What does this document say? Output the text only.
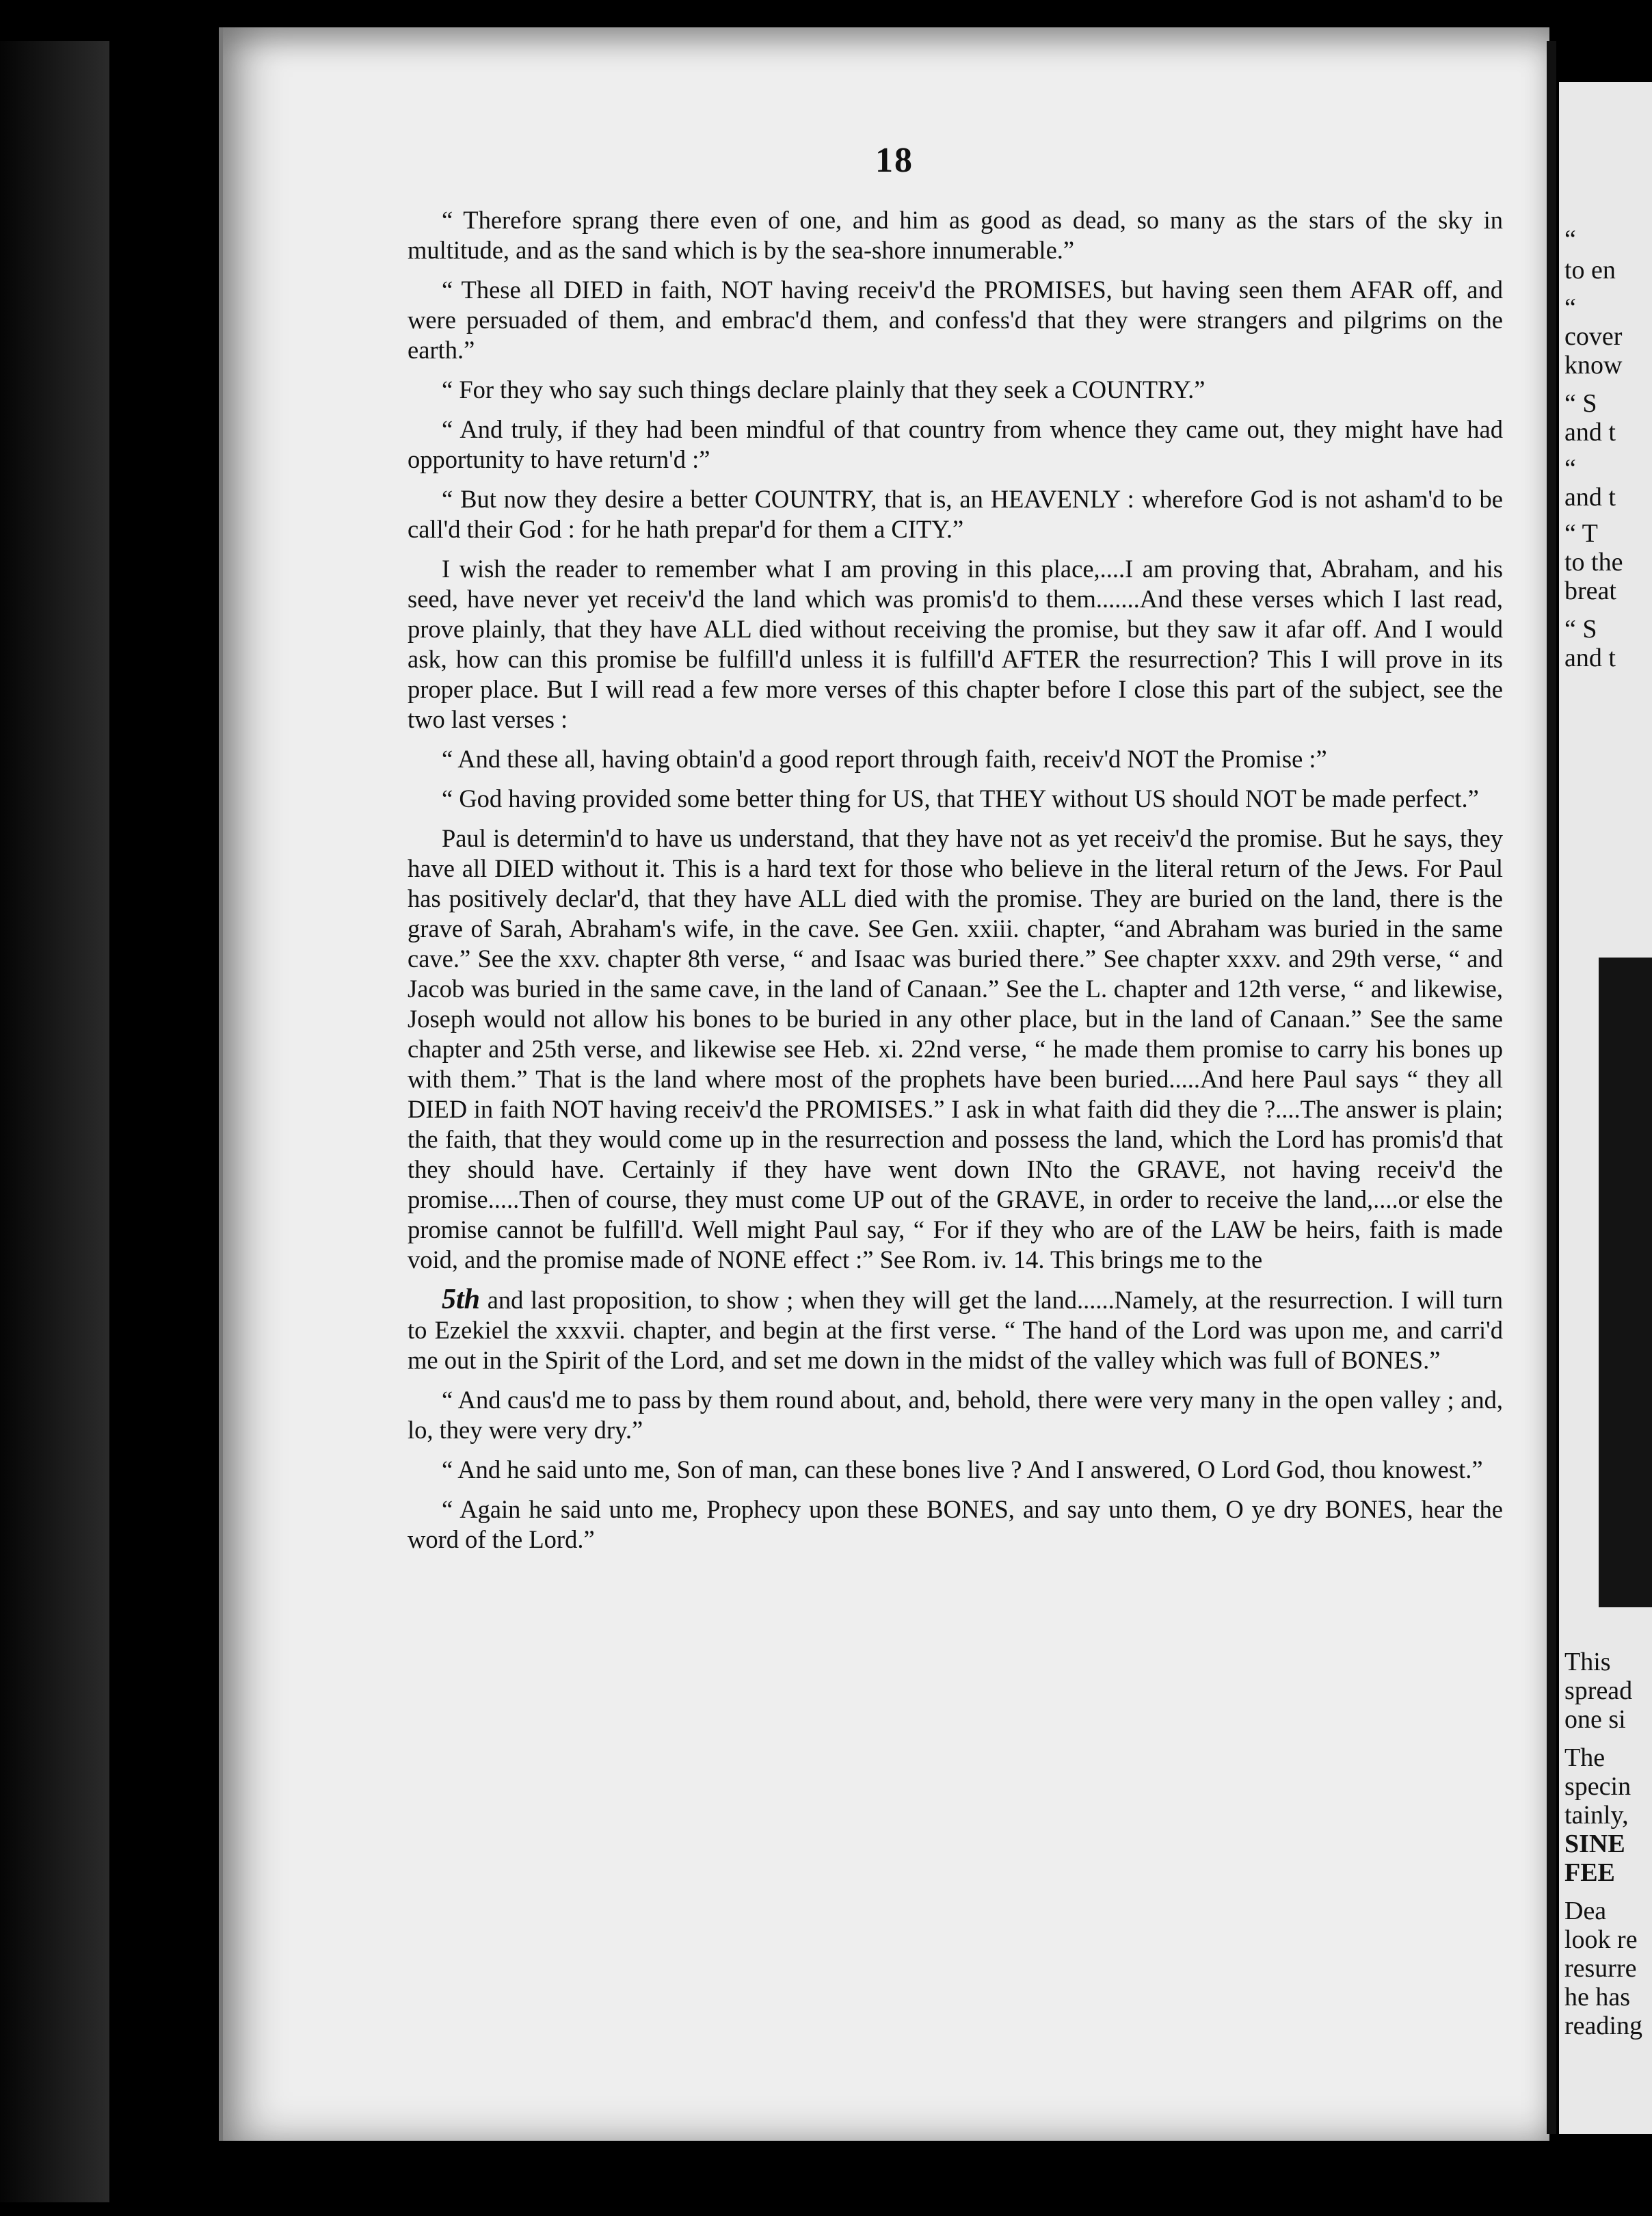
18

“ Therefore sprang there even of one, and him as good as dead, so many as the stars of the sky in multitude, and as the sand which is by the sea-shore innumerable.”

“ These all DIED in faith, NOT having receiv'd the PROMISES, but having seen them AFAR off, and were persuaded of them, and embrac'd them, and confess'd that they were strangers and pilgrims on the earth.”

“ For they who say such things declare plainly that they seek a COUNTRY.”

“ And truly, if they had been mindful of that country from whence they came out, they might have had opportunity to have return'd :”

“ But now they desire a better COUNTRY, that is, an HEAVENLY : wherefore God is not asham'd to be call'd their God : for he hath prepar'd for them a CITY.”

I wish the reader to remember what I am proving in this place,....I am proving that, Abraham, and his seed, have never yet receiv'd the land which was promis'd to them.......And these verses which I last read, prove plainly, that they have ALL died without receiving the promise, but they saw it afar off. And I would ask, how can this promise be fulfill'd unless it is fulfill'd AFTER the resurrection? This I will prove in its proper place. But I will read a few more verses of this chapter before I close this part of the subject, see the two last verses :

“ And these all, having obtain'd a good report through faith, receiv'd NOT the Promise :”

“ God having provided some better thing for US, that THEY without US should NOT be made perfect.”

Paul is determin'd to have us understand, that they have not as yet receiv'd the promise. But he says, they have all DIED without it. This is a hard text for those who believe in the literal return of the Jews. For Paul has positively declar'd, that they have ALL died with the promise. They are buried on the land, there is the grave of Sarah, Abraham's wife, in the cave. See Gen. xxiii. chapter, “and Abraham was buried in the same cave.” See the xxv. chapter 8th verse, “ and Isaac was buried there.” See chapter xxxv. and 29th verse, “ and Jacob was buried in the same cave, in the land of Canaan.” See the L. chapter and 12th verse, “ and likewise, Joseph would not allow his bones to be buried in any other place, but in the land of Canaan.” See the same chapter and 25th verse, and likewise see Heb. xi. 22nd verse, “ he made them promise to carry his bones up with them.” That is the land where most of the prophets have been buried.....And here Paul says “ they all DIED in faith NOT having receiv'd the PROMISES.” I ask in what faith did they die ?....The answer is plain; the faith, that they would come up in the resurrection and possess the land, which the Lord has promis'd that they should have. Certainly if they have went down INto the GRAVE, not having receiv'd the promise.....Then of course, they must come UP out of the GRAVE, in order to receive the land,....or else the promise cannot be fulfill'd. Well might Paul say, “ For if they who are of the LAW be heirs, faith is made void, and the promise made of NONE effect :” See Rom. iv. 14. This brings me to the

5th and last proposition, to show ; when they will get the land......Namely, at the resurrection. I will turn to Ezekiel the xxxvii. chapter, and begin at the first verse. “ The hand of the Lord was upon me, and carri'd me out in the Spirit of the Lord, and set me down in the midst of the valley which was full of BONES.”

“ And caus'd me to pass by them round about, and, behold, there were very many in the open valley ; and, lo, they were very dry.”

“ And he said unto me, Son of man, can these bones live ? And I answered, O Lord God, thou knowest.”

“ Again he said unto me, Prophecy upon these BONES, and say unto them, O ye dry BONES, hear the word of the Lord.”

“
to en
“
cover
know
“ S
and t
“
and t
“ T
to the
breat
“ S
and t
This
spread
one si
The
specin
tainly,
SINE
FEE
Dea
look re
resurre
he has
reading
